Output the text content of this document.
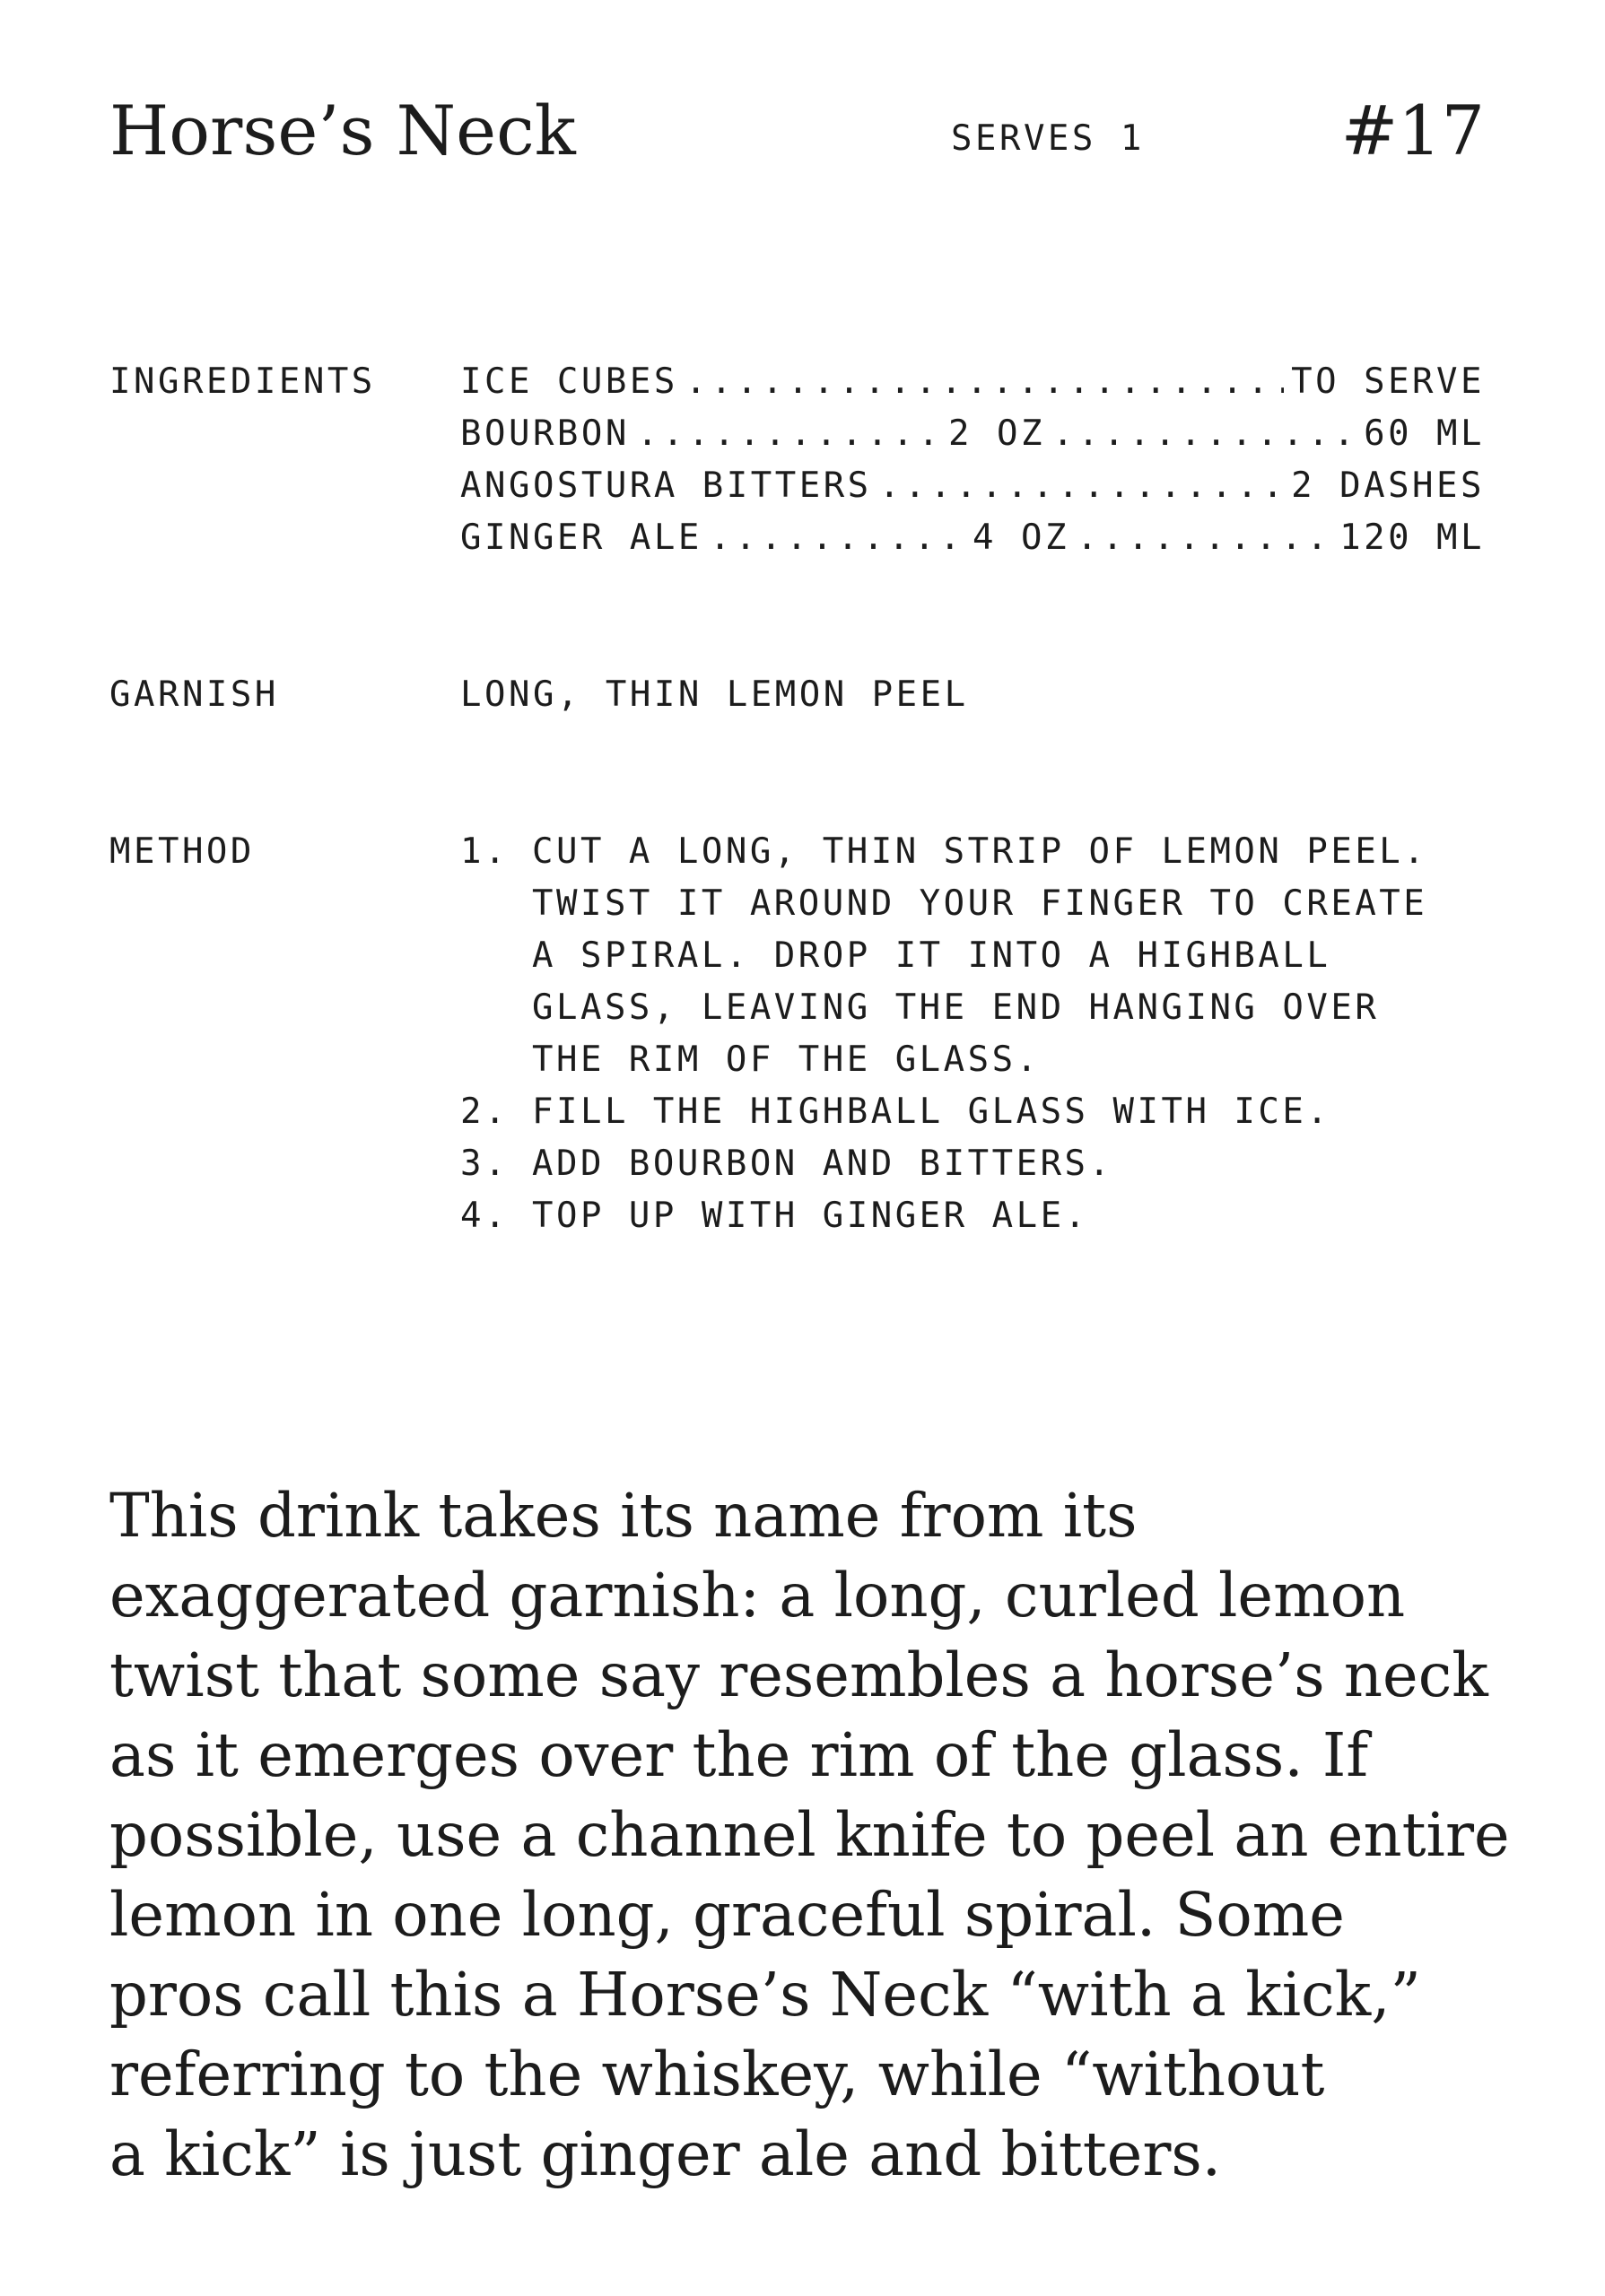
Horse’s Neck	SERVES 1	#17
INGREDIENTS ICE CUBES .....	TO SERVE
BOURBON .....	2 OZ .....	60 ML
ANGOSTURA BITTERS .....	2 DASHES
GINGER ALE .....	4 OZ .....	120 ML
GARNISH	LONG, THIN LEMON PEEL
METHOD	1. CUT A LONG, THIN STRIP OF LEMON PEEL. TWIST IT AROUND YOUR FINGER TO CREATE A SPIRAL. DROP IT INTO A HIGHBALL GLASS, LEAVING THE END HANGING OVER THE RIM OF THE GLASS.
2. FILL THE HIGHBALL GLASS WITH ICE.
3. ADD BOURBON AND BITTERS.
4. TOP UP WITH GINGER ALE.

This drink takes its name from its
exaggerated garnish: a long, curled lemon
twist that some say resembles a horse’s neck
as it emerges over the rim of the glass. If
possible, use a channel knife to peel an entire
lemon in one long, graceful spiral. Some
pros call this a Horse’s Neck “with a kick,”
referring to the whiskey, while “without
a kick” is just ginger ale and bitters.
